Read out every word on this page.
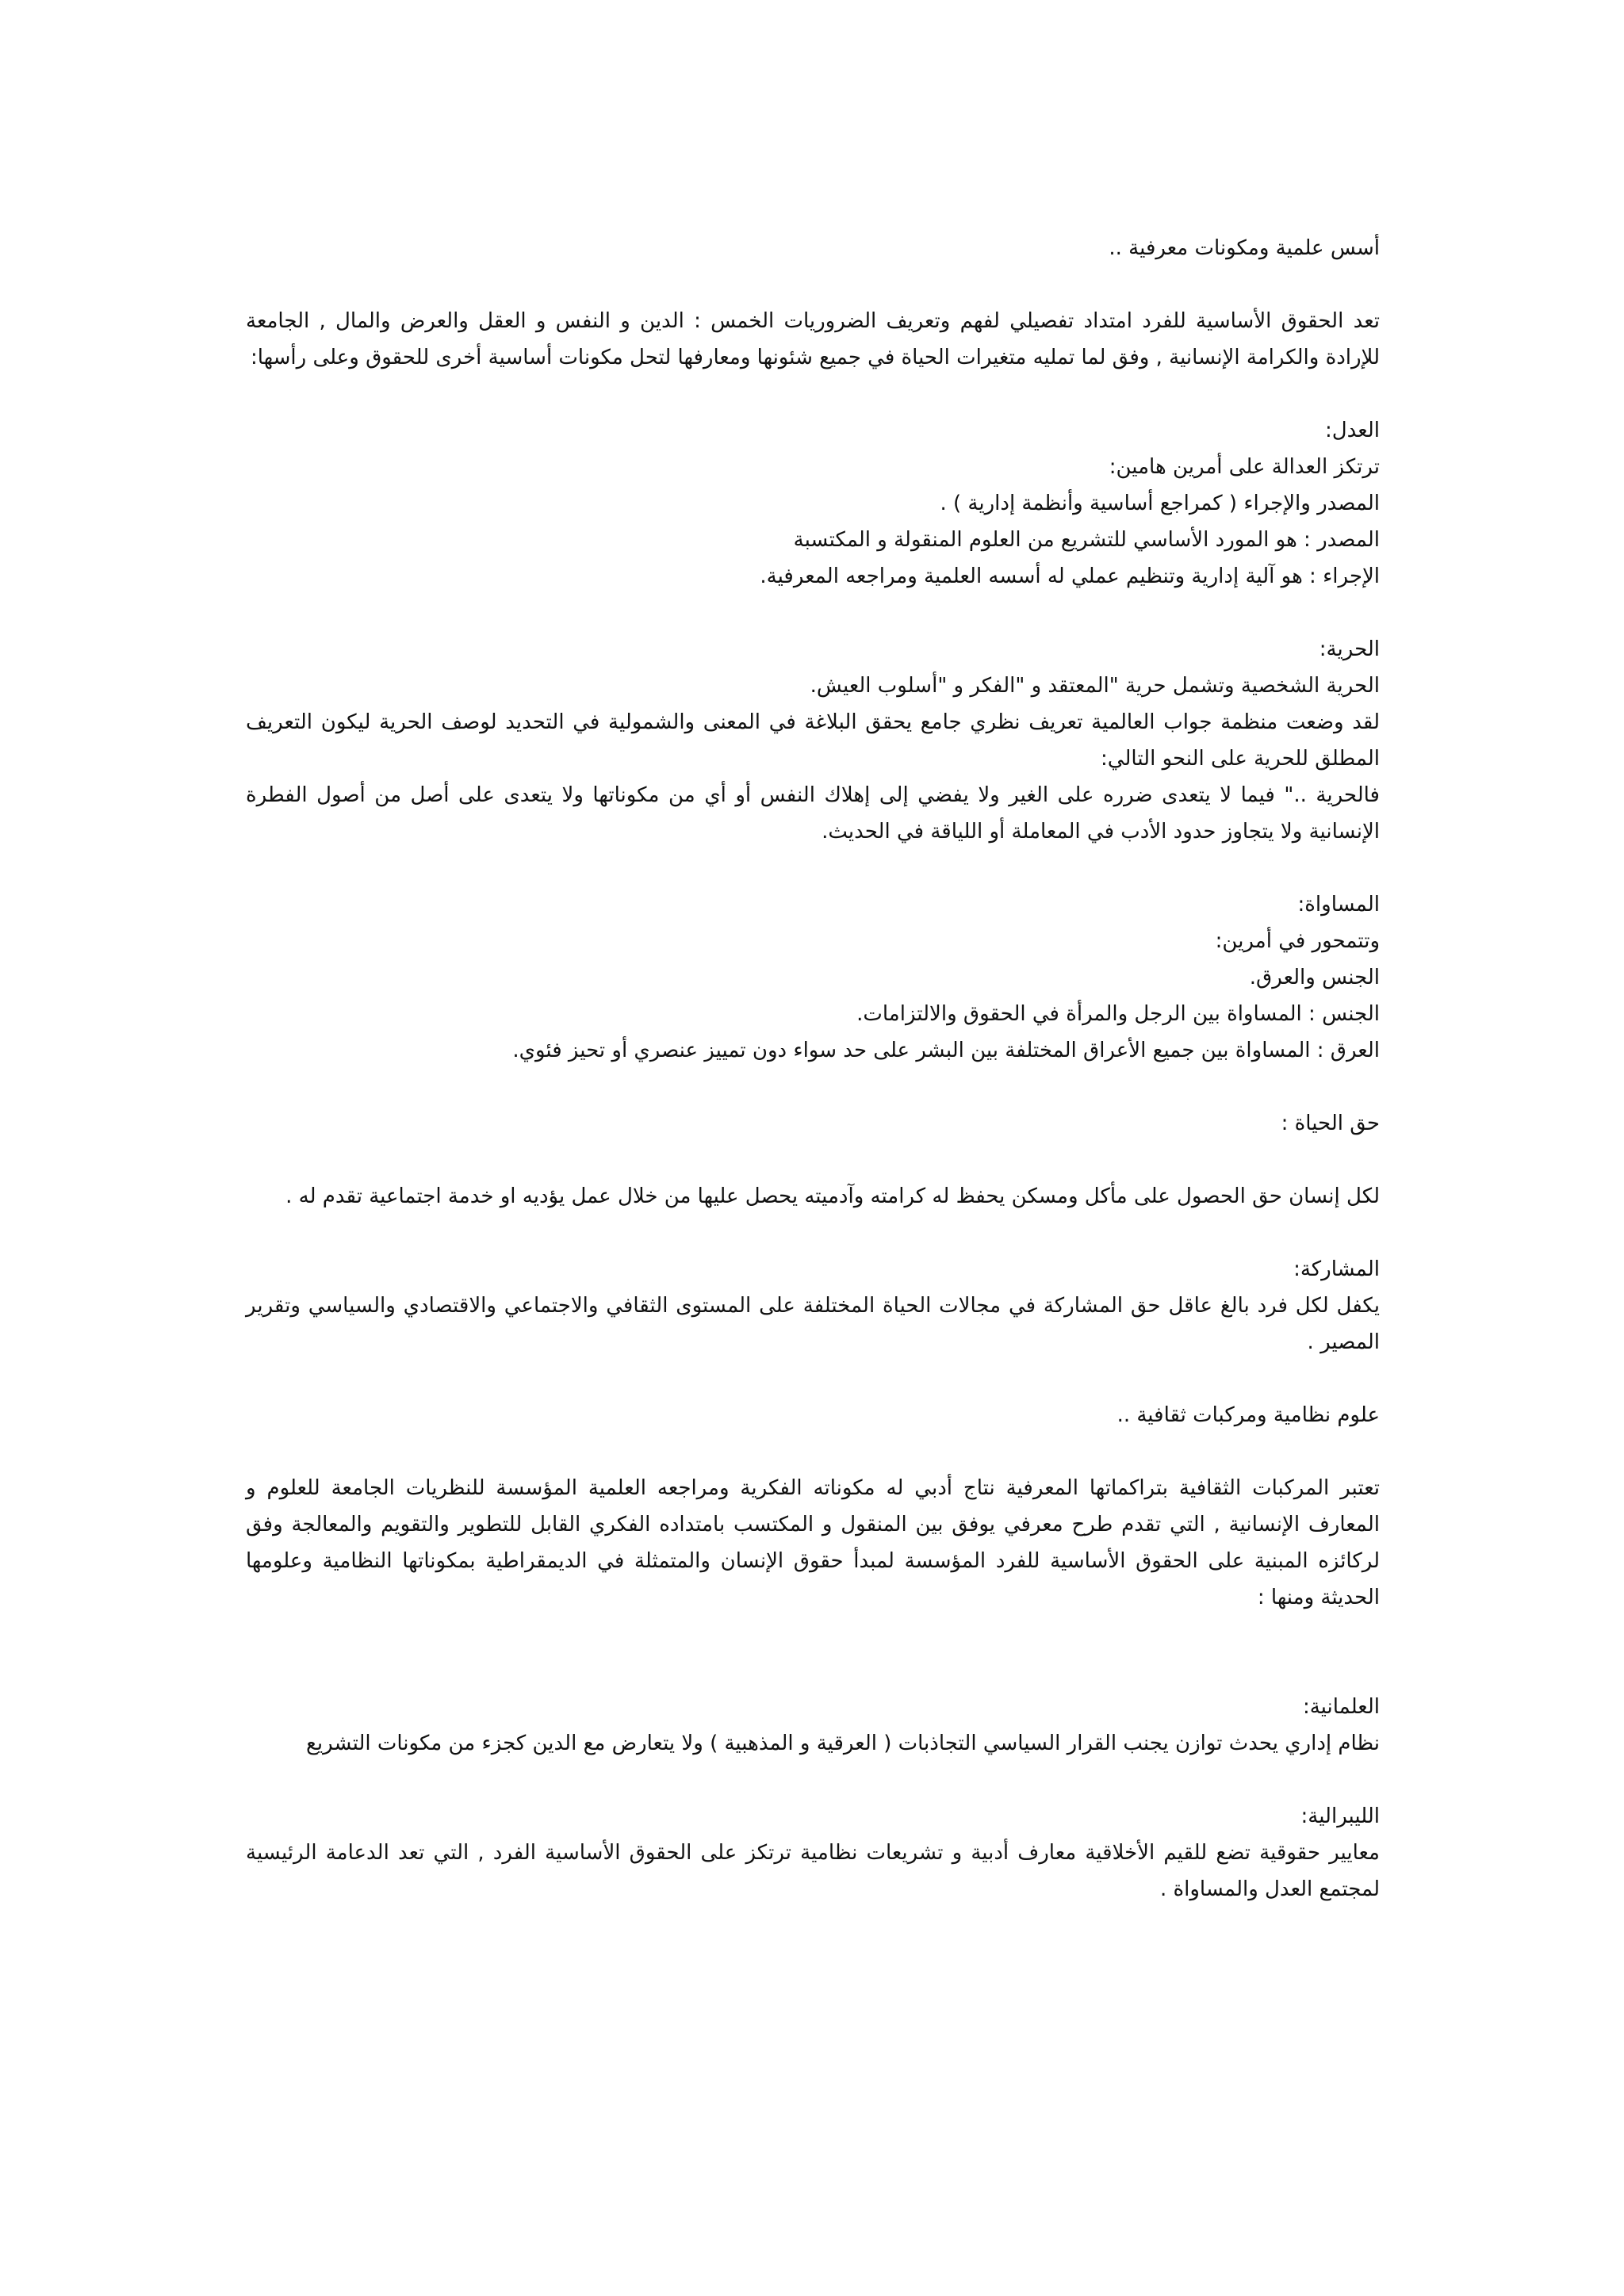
أسس علمية ومكونات معرفية ..

تعد الحقوق الأساسية للفرد امتداد تفصيلي لفهم وتعريف الضروريات الخمس : الدين و النفس و العقل والعرض والمال , الجامعة للإرادة والكرامة الإنسانية , وفق لما تمليه متغيرات الحياة في جميع شئونها ومعارفها لتحل مكونات أساسية أخرى للحقوق وعلى رأسها:

العدل:

ترتكز العدالة على أمرين هامين:

المصدر والإجراء ( كمراجع أساسية وأنظمة إدارية ) .

المصدر : هو المورد الأساسي للتشريع من العلوم المنقولة و المكتسبة

الإجراء : هو آلية إدارية وتنظيم عملي له أسسه العلمية ومراجعه المعرفية.

الحرية:

الحرية الشخصية وتشمل حرية "المعتقد و "الفكر و "أسلوب العيش.

لقد وضعت منظمة جواب العالمية تعريف نظري جامع يحقق البلاغة في المعنى والشمولية في التحديد لوصف الحرية ليكون التعريف المطلق للحرية على النحو التالي:

فالحرية .." فيما لا يتعدى ضرره على الغير ولا يفضي إلى إهلاك النفس أو أي من مكوناتها ولا يتعدى على أصل من أصول الفطرة الإنسانية ولا يتجاوز حدود الأدب في المعاملة أو اللياقة في الحديث.

المساواة:

وتتمحور في أمرين:

الجنس والعرق.

الجنس : المساواة بين الرجل والمرأة في الحقوق والالتزامات.

العرق : المساواة بين جميع الأعراق المختلفة بين البشر على حد سواء دون تمييز عنصري أو تحيز فئوي.

حق الحياة :

لكل إنسان حق الحصول على مأكل ومسكن يحفظ له كرامته وآدميته يحصل عليها من خلال عمل يؤديه او خدمة اجتماعية تقدم له .

المشاركة:

يكفل لكل فرد بالغ عاقل حق المشاركة في مجالات الحياة المختلفة على المستوى الثقافي والاجتماعي والاقتصادي والسياسي وتقرير المصير .

علوم نظامية ومركبات ثقافية ..

تعتبر المركبات الثقافية بتراكماتها المعرفية نتاج أدبي له مكوناته الفكرية ومراجعه العلمية المؤسسة للنظريات الجامعة للعلوم و المعارف الإنسانية , التي تقدم طرح معرفي يوفق بين المنقول و المكتسب بامتداده الفكري القابل للتطوير والتقويم والمعالجة وفق لركائزه المبنية على الحقوق الأساسية للفرد المؤسسة لمبدأ حقوق الإنسان والمتمثلة في الديمقراطية بمكوناتها النظامية وعلومها الحديثة ومنها :

العلمانية:

نظام إداري يحدث توازن يجنب القرار السياسي التجاذبات ( العرقية و المذهبية ) ولا يتعارض مع الدين كجزء من مكونات التشريع

الليبرالية:

معايير حقوقية تضع للقيم الأخلاقية معارف أدبية و تشريعات نظامية ترتكز على الحقوق الأساسية الفرد , التي تعد الدعامة الرئيسية لمجتمع العدل والمساواة .
